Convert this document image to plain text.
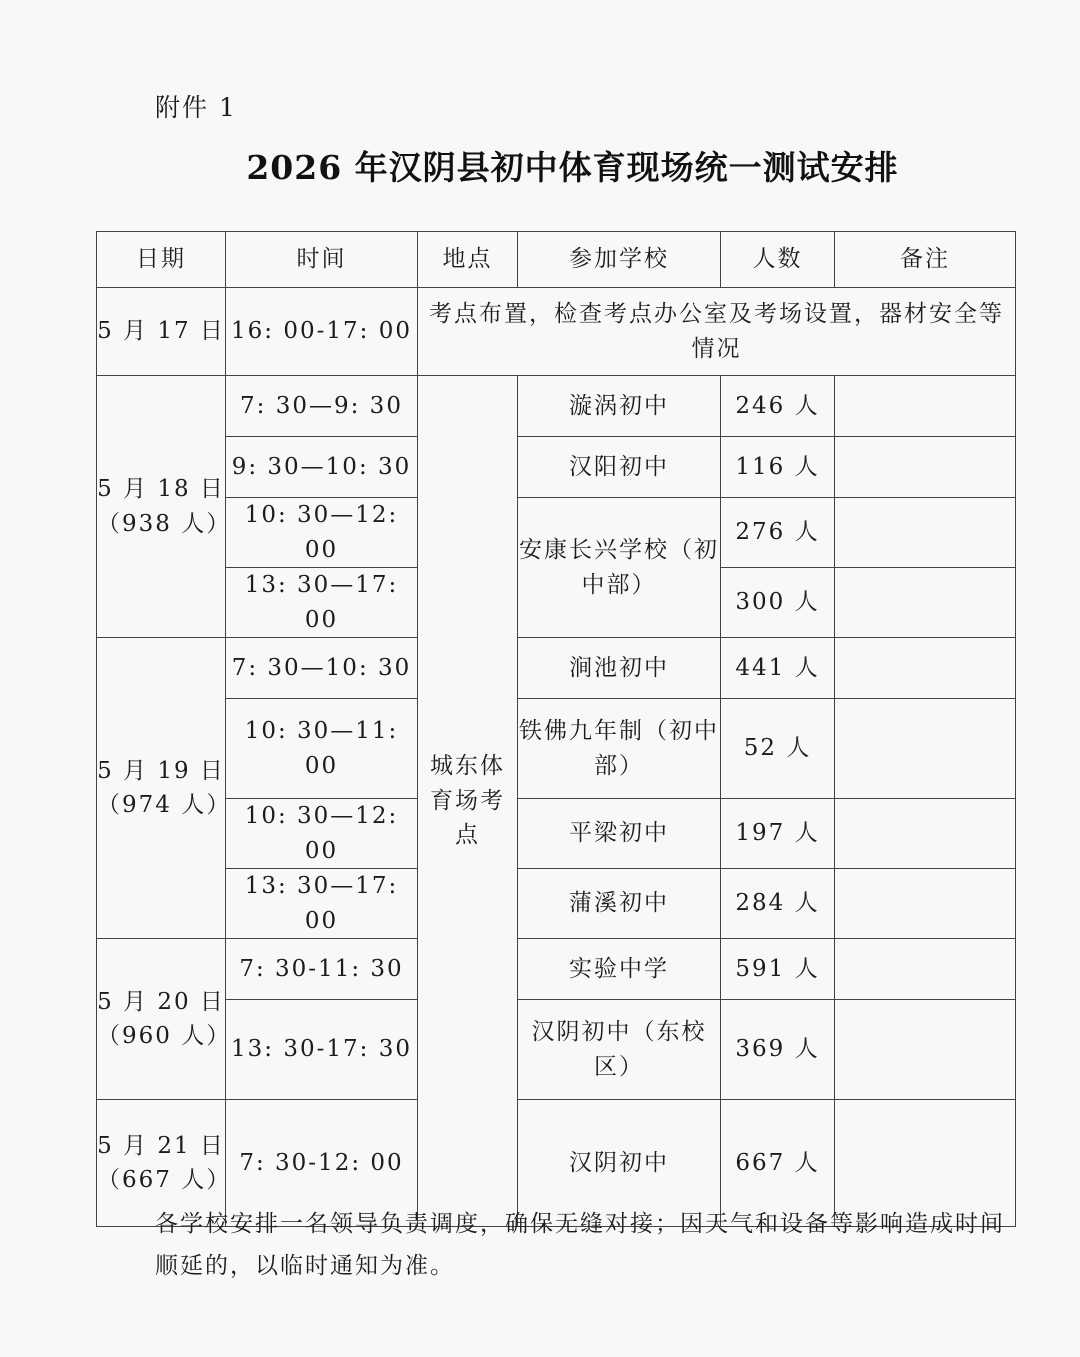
附件 1
2026 年汉阴县初中体育现场统一测试安排
日期	时间	地点	参加学校	人数	备注
5 月 17 日	16: 00-17: 00	考点布置，检查考点办公室及考场设置，器材安全等情况			

5 月 18 日
（938 人）	7: 30—9: 30	城东体育场考点	漩涡初中	246 人	
	9: 30—10: 30		汉阳初中	116 人	
	10: 30—12: 00		安康长兴学校（初中部）	276 人	
	13: 30—17: 00			300 人	

5 月 19 日
（974 人）	7: 30—10: 30		涧池初中	441 人	
	10: 30—11: 00		铁佛九年制（初中部）	52 人	
	10: 30—12: 00		平梁初中	197 人	
	13: 30—17: 00		蒲溪初中	284 人	

5 月 20 日
（960 人）	7: 30-11: 30		实验中学	591 人	
	13: 30-17: 30		汉阴初中（东校区）	369 人	

5 月 21 日
（667 人）	7: 30-12: 00		汉阴初中	667 人	
各学校安排一名领导负责调度，确保无缝对接；因天气和设备等影响造成时间顺延的，以临时通知为准。
